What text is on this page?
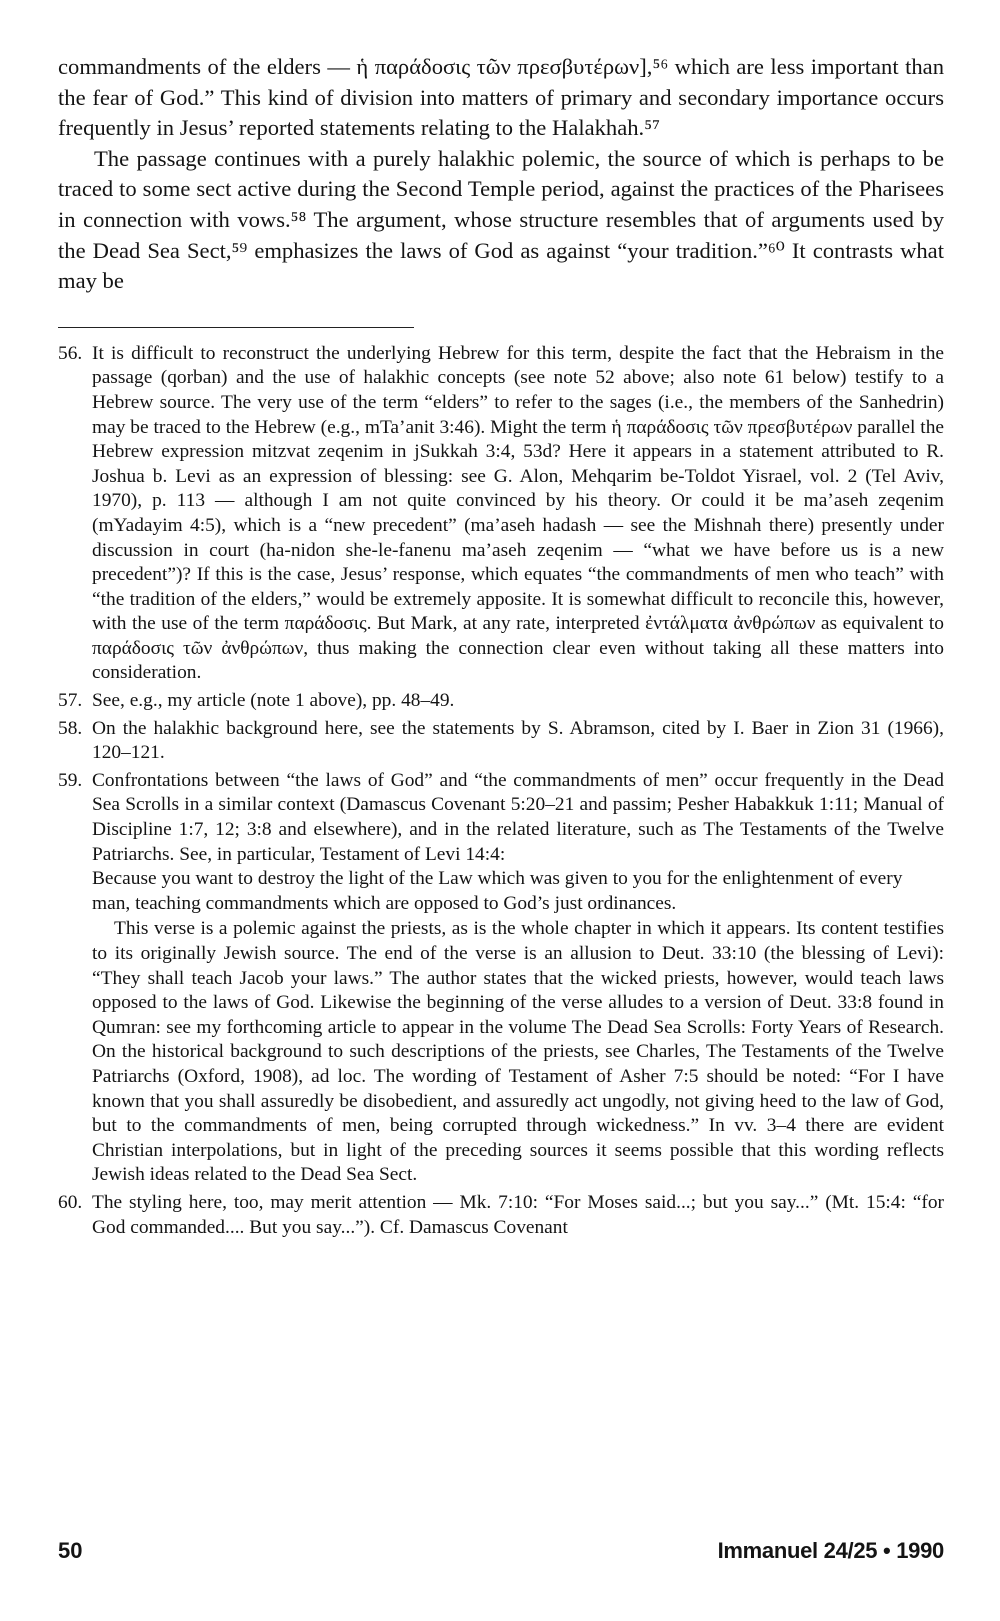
commandments of the elders — ἡ παράδοσις τῶν πρεσβυτέρων],⁵⁶ which are less important than the fear of God.” This kind of division into matters of primary and secondary importance occurs frequently in Jesus’ reported statements relating to the Halakhah.⁵⁷

The passage continues with a purely halakhic polemic, the source of which is perhaps to be traced to some sect active during the Second Temple period, against the practices of the Pharisees in connection with vows.⁵⁸ The argument, whose structure resembles that of arguments used by the Dead Sea Sect,⁵⁹ emphasizes the laws of God as against “your tradition.”⁶⁰ It contrasts what may be

56. It is difficult to reconstruct the underlying Hebrew for this term, despite the fact that the Hebraism in the passage (qorban) and the use of halakhic concepts (see note 52 above; also note 61 below) testify to a Hebrew source. The very use of the term “elders” to refer to the sages (i.e., the members of the Sanhedrin) may be traced to the Hebrew (e.g., mTa’anit 3:46). Might the term ἡ παράδοσις τῶν πρεσβυτέρων parallel the Hebrew expression mitzvat zeqenim in jSukkah 3:4, 53d? Here it appears in a statement attributed to R. Joshua b. Levi as an expression of blessing: see G. Alon, Mehqarim be-Toldot Yisrael, vol. 2 (Tel Aviv, 1970), p. 113 — although I am not quite convinced by his theory. Or could it be ma’aseh zeqenim (mYadayim 4:5), which is a “new precedent” (ma’aseh hadash — see the Mishnah there) presently under discussion in court (ha-nidon she-le-fanenu ma’aseh zeqenim — “what we have before us is a new precedent”)? If this is the case, Jesus’ response, which equates “the commandments of men who teach” with “the tradition of the elders,” would be extremely apposite. It is somewhat difficult to reconcile this, however, with the use of the term παράδοσις. But Mark, at any rate, interpreted ἐντάλματα ἀνθρώπων as equivalent to παράδοσις τῶν ἀνθρώπων, thus making the connection clear even without taking all these matters into consideration.

57. See, e.g., my article (note 1 above), pp. 48–49.

58. On the halakhic background here, see the statements by S. Abramson, cited by I. Baer in Zion 31 (1966), 120–121.

59. Confrontations between “the laws of God” and “the commandments of men” occur frequently in the Dead Sea Scrolls in a similar context (Damascus Covenant 5:20–21 and passim; Pesher Habakkuk 1:11; Manual of Discipline 1:7, 12; 3:8 and elsewhere), and in the related literature, such as The Testaments of the Twelve Patriarchs. See, in particular, Testament of Levi 14:4:

Because you want to destroy the light of the Law which was given to you for the enlightenment of every man, teaching commandments which are opposed to God’s just ordinances.

This verse is a polemic against the priests, as is the whole chapter in which it appears. Its content testifies to its originally Jewish source. The end of the verse is an allusion to Deut. 33:10 (the blessing of Levi): “They shall teach Jacob your laws.” The author states that the wicked priests, however, would teach laws opposed to the laws of God. Likewise the beginning of the verse alludes to a version of Deut. 33:8 found in Qumran: see my forthcoming article to appear in the volume The Dead Sea Scrolls: Forty Years of Research. On the historical background to such descriptions of the priests, see Charles, The Testaments of the Twelve Patriarchs (Oxford, 1908), ad loc. The wording of Testament of Asher 7:5 should be noted: “For I have known that you shall assuredly be disobedient, and assuredly act ungodly, not giving heed to the law of God, but to the commandments of men, being corrupted through wickedness.” In vv. 3–4 there are evident Christian interpolations, but in light of the preceding sources it seems possible that this wording reflects Jewish ideas related to the Dead Sea Sect.

60. The styling here, too, may merit attention — Mk. 7:10: “For Moses said...; but you say...” (Mt. 15:4: “for God commanded.... But you say...”). Cf. Damascus Covenant

50	Immanuel 24/25 • 1990
